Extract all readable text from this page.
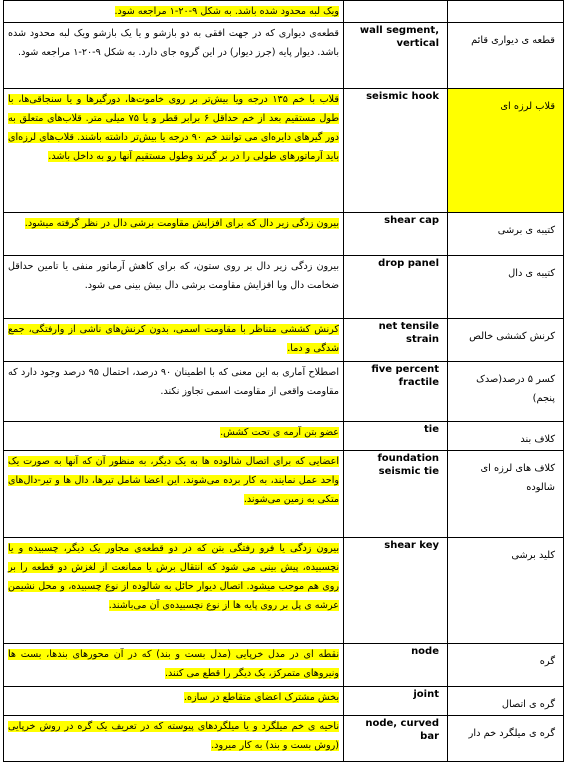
ویک لبه محدود شده باشد. به شکل ۹-۲۰-۱ مراجعه شود.		
قطعه‌ی دیواری که در جهت افقی به دو بازشو و یا یک بازشو ویک لبه محدود شده باشد. دیوار پایه (جرز دیوار) در این گروه جای دارد. به شکل ۹-۲۰-۱ مراجعه شود.	wall segment, vertical	قطعه ی دیواری قائم
قلاب با خم ۱۳۵ درجه ویا بیش‌تر بر روی خاموت‌ها، دورگیرها و یا سنجاقی‌ها، با طول مستقیم بعد از خم حداقل ۶ برابر قطر و یا ۷۵ میلی متر. قلاب‌های متعلق به دور گیرهای دایره‌ای می توانند خم ۹۰ درجه یا بیش‌تر داشته باشند. قلاب‌های لرزه‌ای باید آرماتورهای طولی را در بر گیرند وطول مستقیم آنها رو به داخل باشد.	seismic hook	قلاب لرزه ای
بیرون زدگی زیر دال که برای افزایش مقاومت برشی دال در نظر گرفته میشود.	shear cap	کتیبه ی برشی
بیرون زدگی زیر دال بر روی ستون، که برای کاهش آرماتور منفی یا تامین حداقل ضخامت دال ویا افزایش مقاومت برشی دال بیش بینی می شود.	drop panel	کتیبه ی دال
کرنش کششی متناظر با مقاومت اسمی، بدون کرنش‌های ناشی از وارفتگی، جمع شدگی و دما.	net tensile strain	کرنش کششی خالص
اصطلاح آماری به این معنی که با اطمینان ۹۰ درصد، احتمال ۹۵ درصد وجود دارد که مقاومت واقعی از مقاومت اسمی تجاوز نکند.	five percent fractile	کسر ۵ درصد(صدک پنجم)
عضو بتن آرمه ی تحت کشش.	tie	کلاف بند
اعضایی که برای اتصال شالوده ها به یک دیگر، به منظور آن که آنها به صورت یک واحد عمل نمایند، به کار برده می‌شوند. این اعضا شامل تیرها، دال ها و تیر-دال‌های متکی به زمین می‌شوند.	foundation seismic tie	کلاف های لرزه ای شالوده
بیرون زدگی یا فرو رفتگی بتن که در دو قطعه‌ی مجاور یک دیگر، چسبیده و یا نچسبیده، پیش بینی می شود که انتقال برش یا ممانعت از لغزش دو قطعه را بر روی هم موجب میشود. اتصال دیوار حائل به شالوده از نوع چسبیده، و محل نشیمن عرشه ی پل بر روی پایه ها از نوع نچسبیده‌ی آن می‌باشند.	shear key	کلید برشی
نقطه ای در مدل خرپایی (مدل بست و بند) که در آن محورهای بندها، بست ها ونیروهای متمرکز، یک دیگر را قطع می کنند.	node	گره
بخش مشترک اعضای متقاطع در سازه.	joint	گره ی اتصال
ناحیه ی خم میلگرد و یا میلگردهای پیوسته که در تعریف یک گره در روش خرپایی (روش بست و بند) به کار میرود.	node, curved bar	گره ی میلگرد خم دار
